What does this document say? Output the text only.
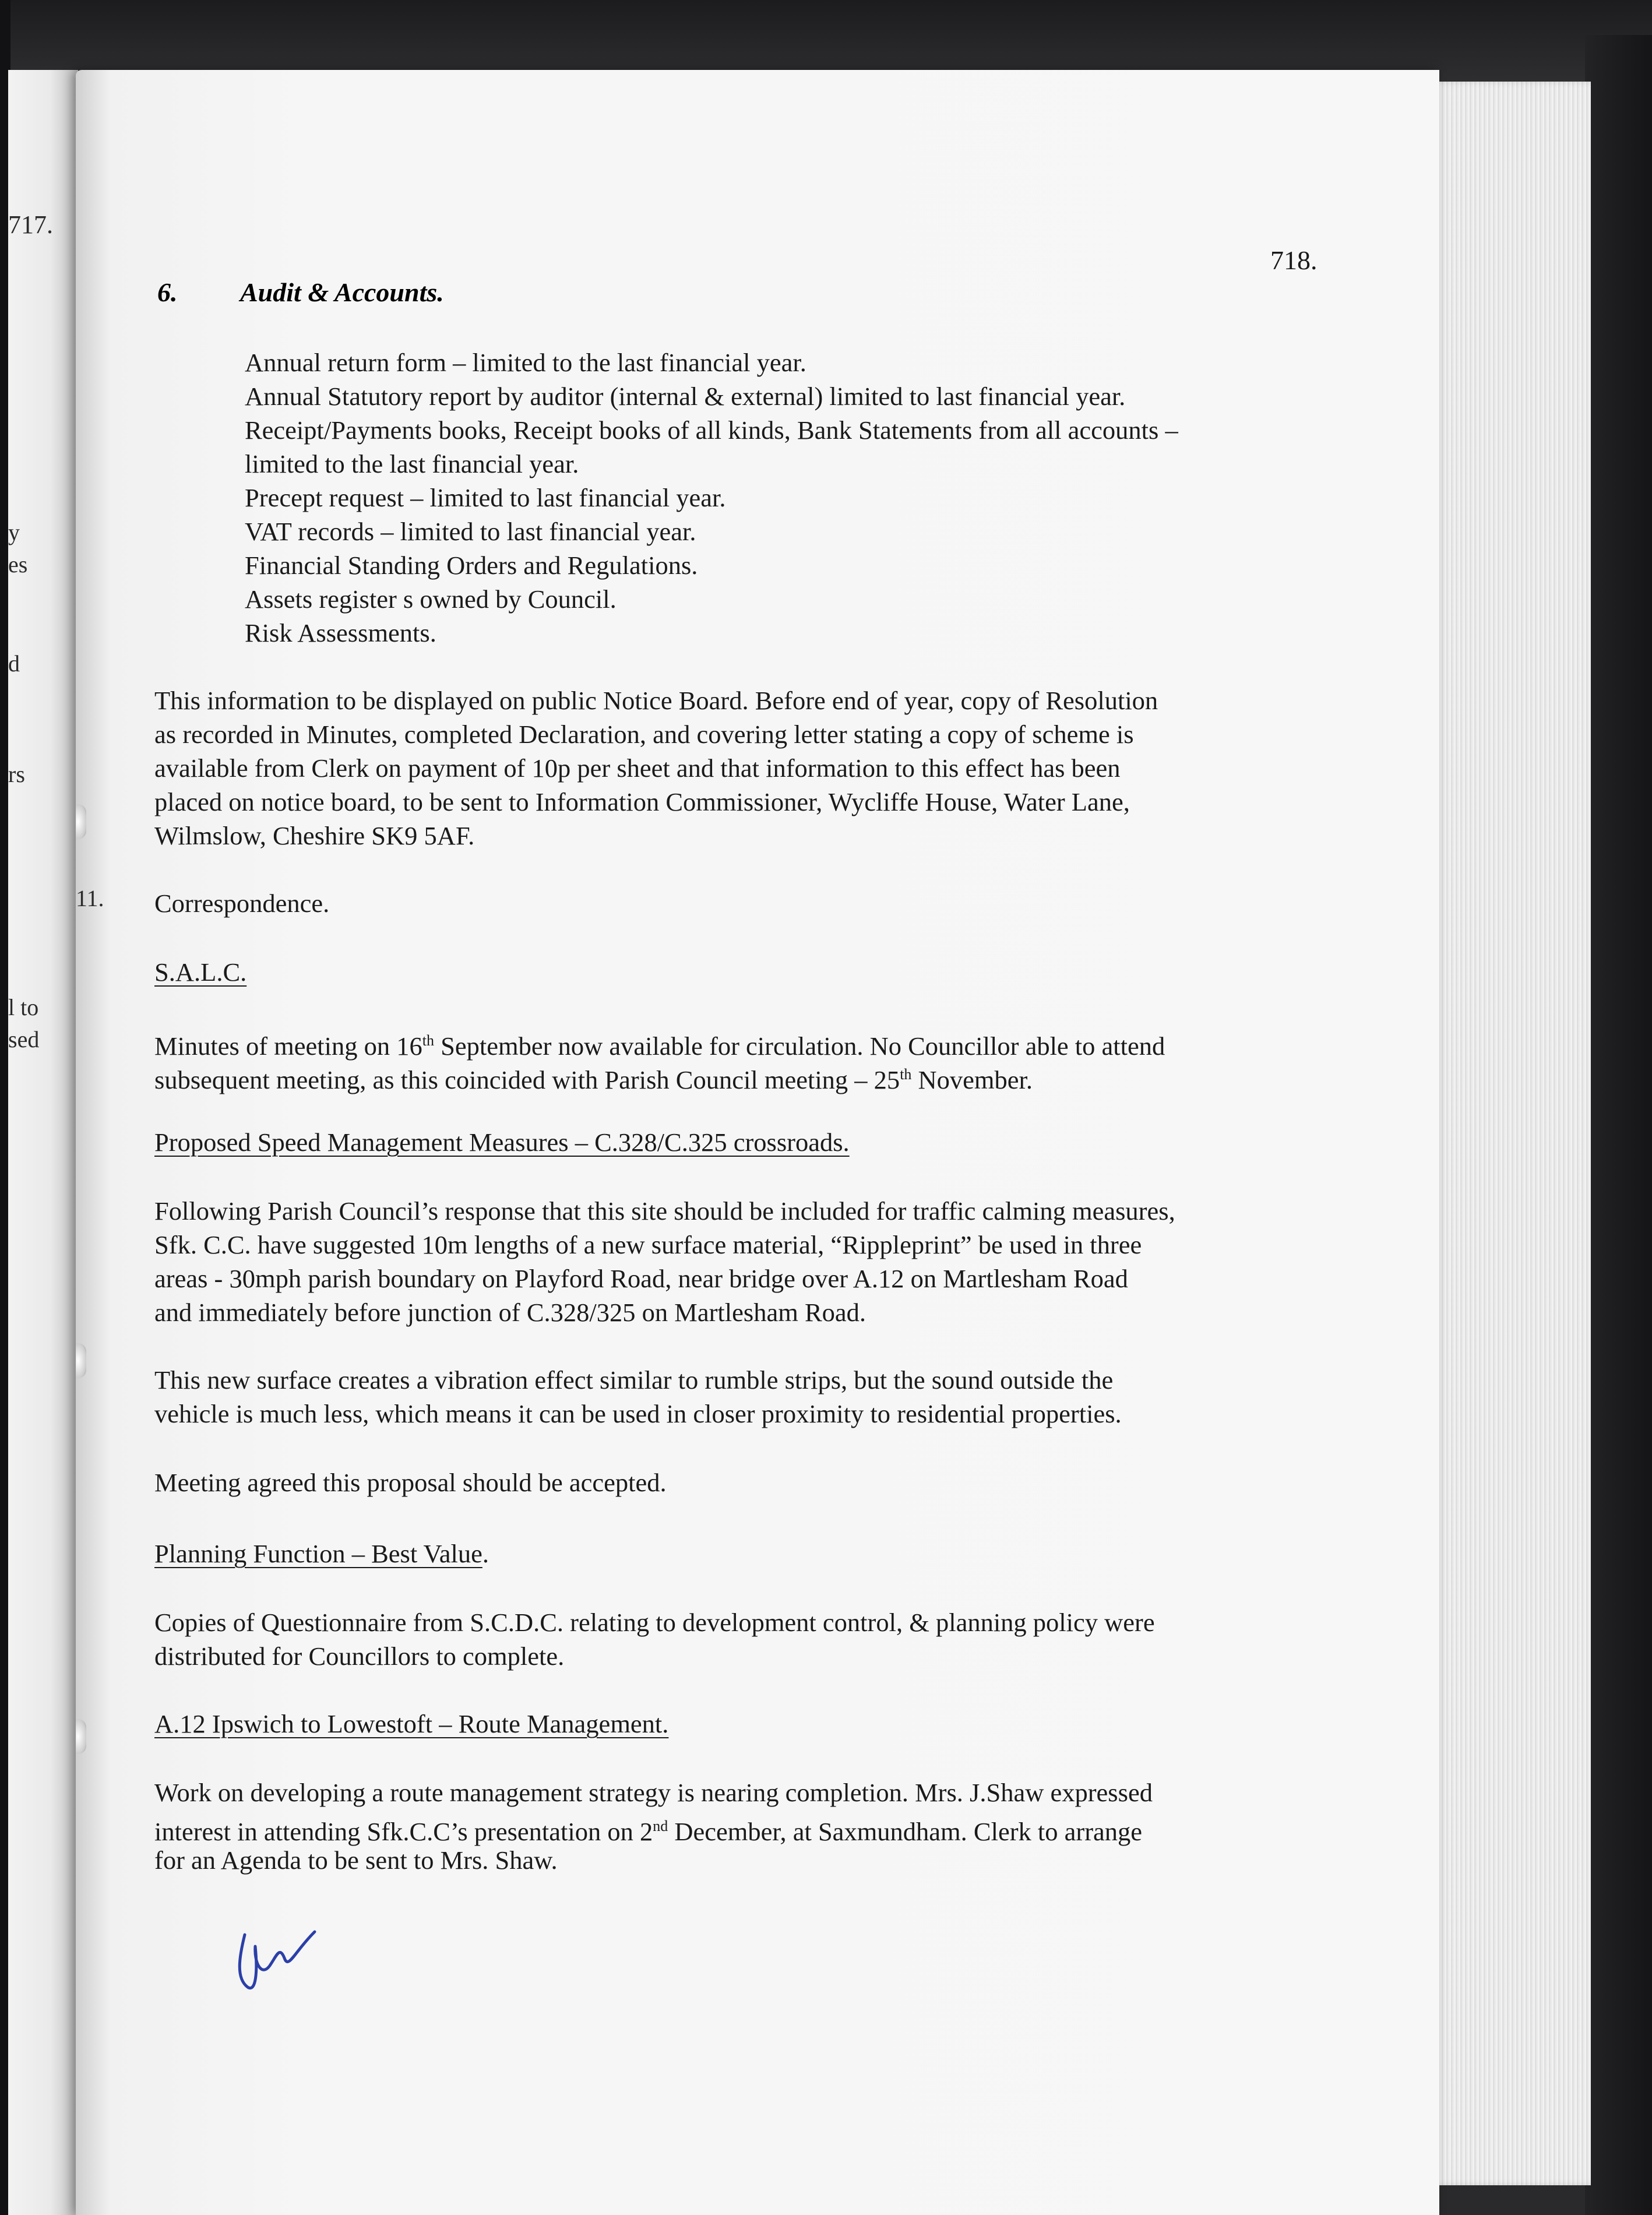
717.
y
es
d
rs
l to
sed
718.
6. Audit & Accounts.
Annual return form – limited to the last financial year.
Annual Statutory report by auditor (internal & external) limited to last financial year.
Receipt/Payments books, Receipt books of all kinds, Bank Statements from all accounts –
limited to the last financial year.
Precept request – limited to last financial year.
VAT records – limited to last financial year.
Financial Standing Orders and Regulations.
Assets register s owned by Council.
Risk Assessments.
This information to be displayed on public Notice Board. Before end of year, copy of Resolution
as recorded in Minutes, completed Declaration, and covering letter stating a copy of scheme is
available from Clerk on payment of 10p per sheet and that information to this effect has been
placed on notice board, to be sent to Information Commissioner, Wycliffe House, Water Lane,
Wilmslow, Cheshire SK9 5AF.
11. Correspondence.
S.A.L.C.
Minutes of meeting on 16th September now available for circulation. No Councillor able to attend
subsequent meeting, as this coincided with Parish Council meeting – 25th November.
Proposed Speed Management Measures – C.328/C.325 crossroads.
Following Parish Council’s response that this site should be included for traffic calming measures,
Sfk. C.C. have suggested 10m lengths of a new surface material, “Rippleprint” be used in three
areas - 30mph parish boundary on Playford Road, near bridge over A.12 on Martlesham Road
and immediately before junction of C.328/325 on Martlesham Road.
This new surface creates a vibration effect similar to rumble strips, but the sound outside the
vehicle is much less, which means it can be used in closer proximity to residential properties.
Meeting agreed this proposal should be accepted.
Planning Function – Best Value.
Copies of Questionnaire from S.C.D.C. relating to development control, & planning policy were
distributed for Councillors to complete.
A.12 Ipswich to Lowestoft – Route Management.
Work on developing a route management strategy is nearing completion. Mrs. J.Shaw expressed
interest in attending Sfk.C.C’s presentation on 2nd December, at Saxmundham. Clerk to arrange
for an Agenda to be sent to Mrs. Shaw.
